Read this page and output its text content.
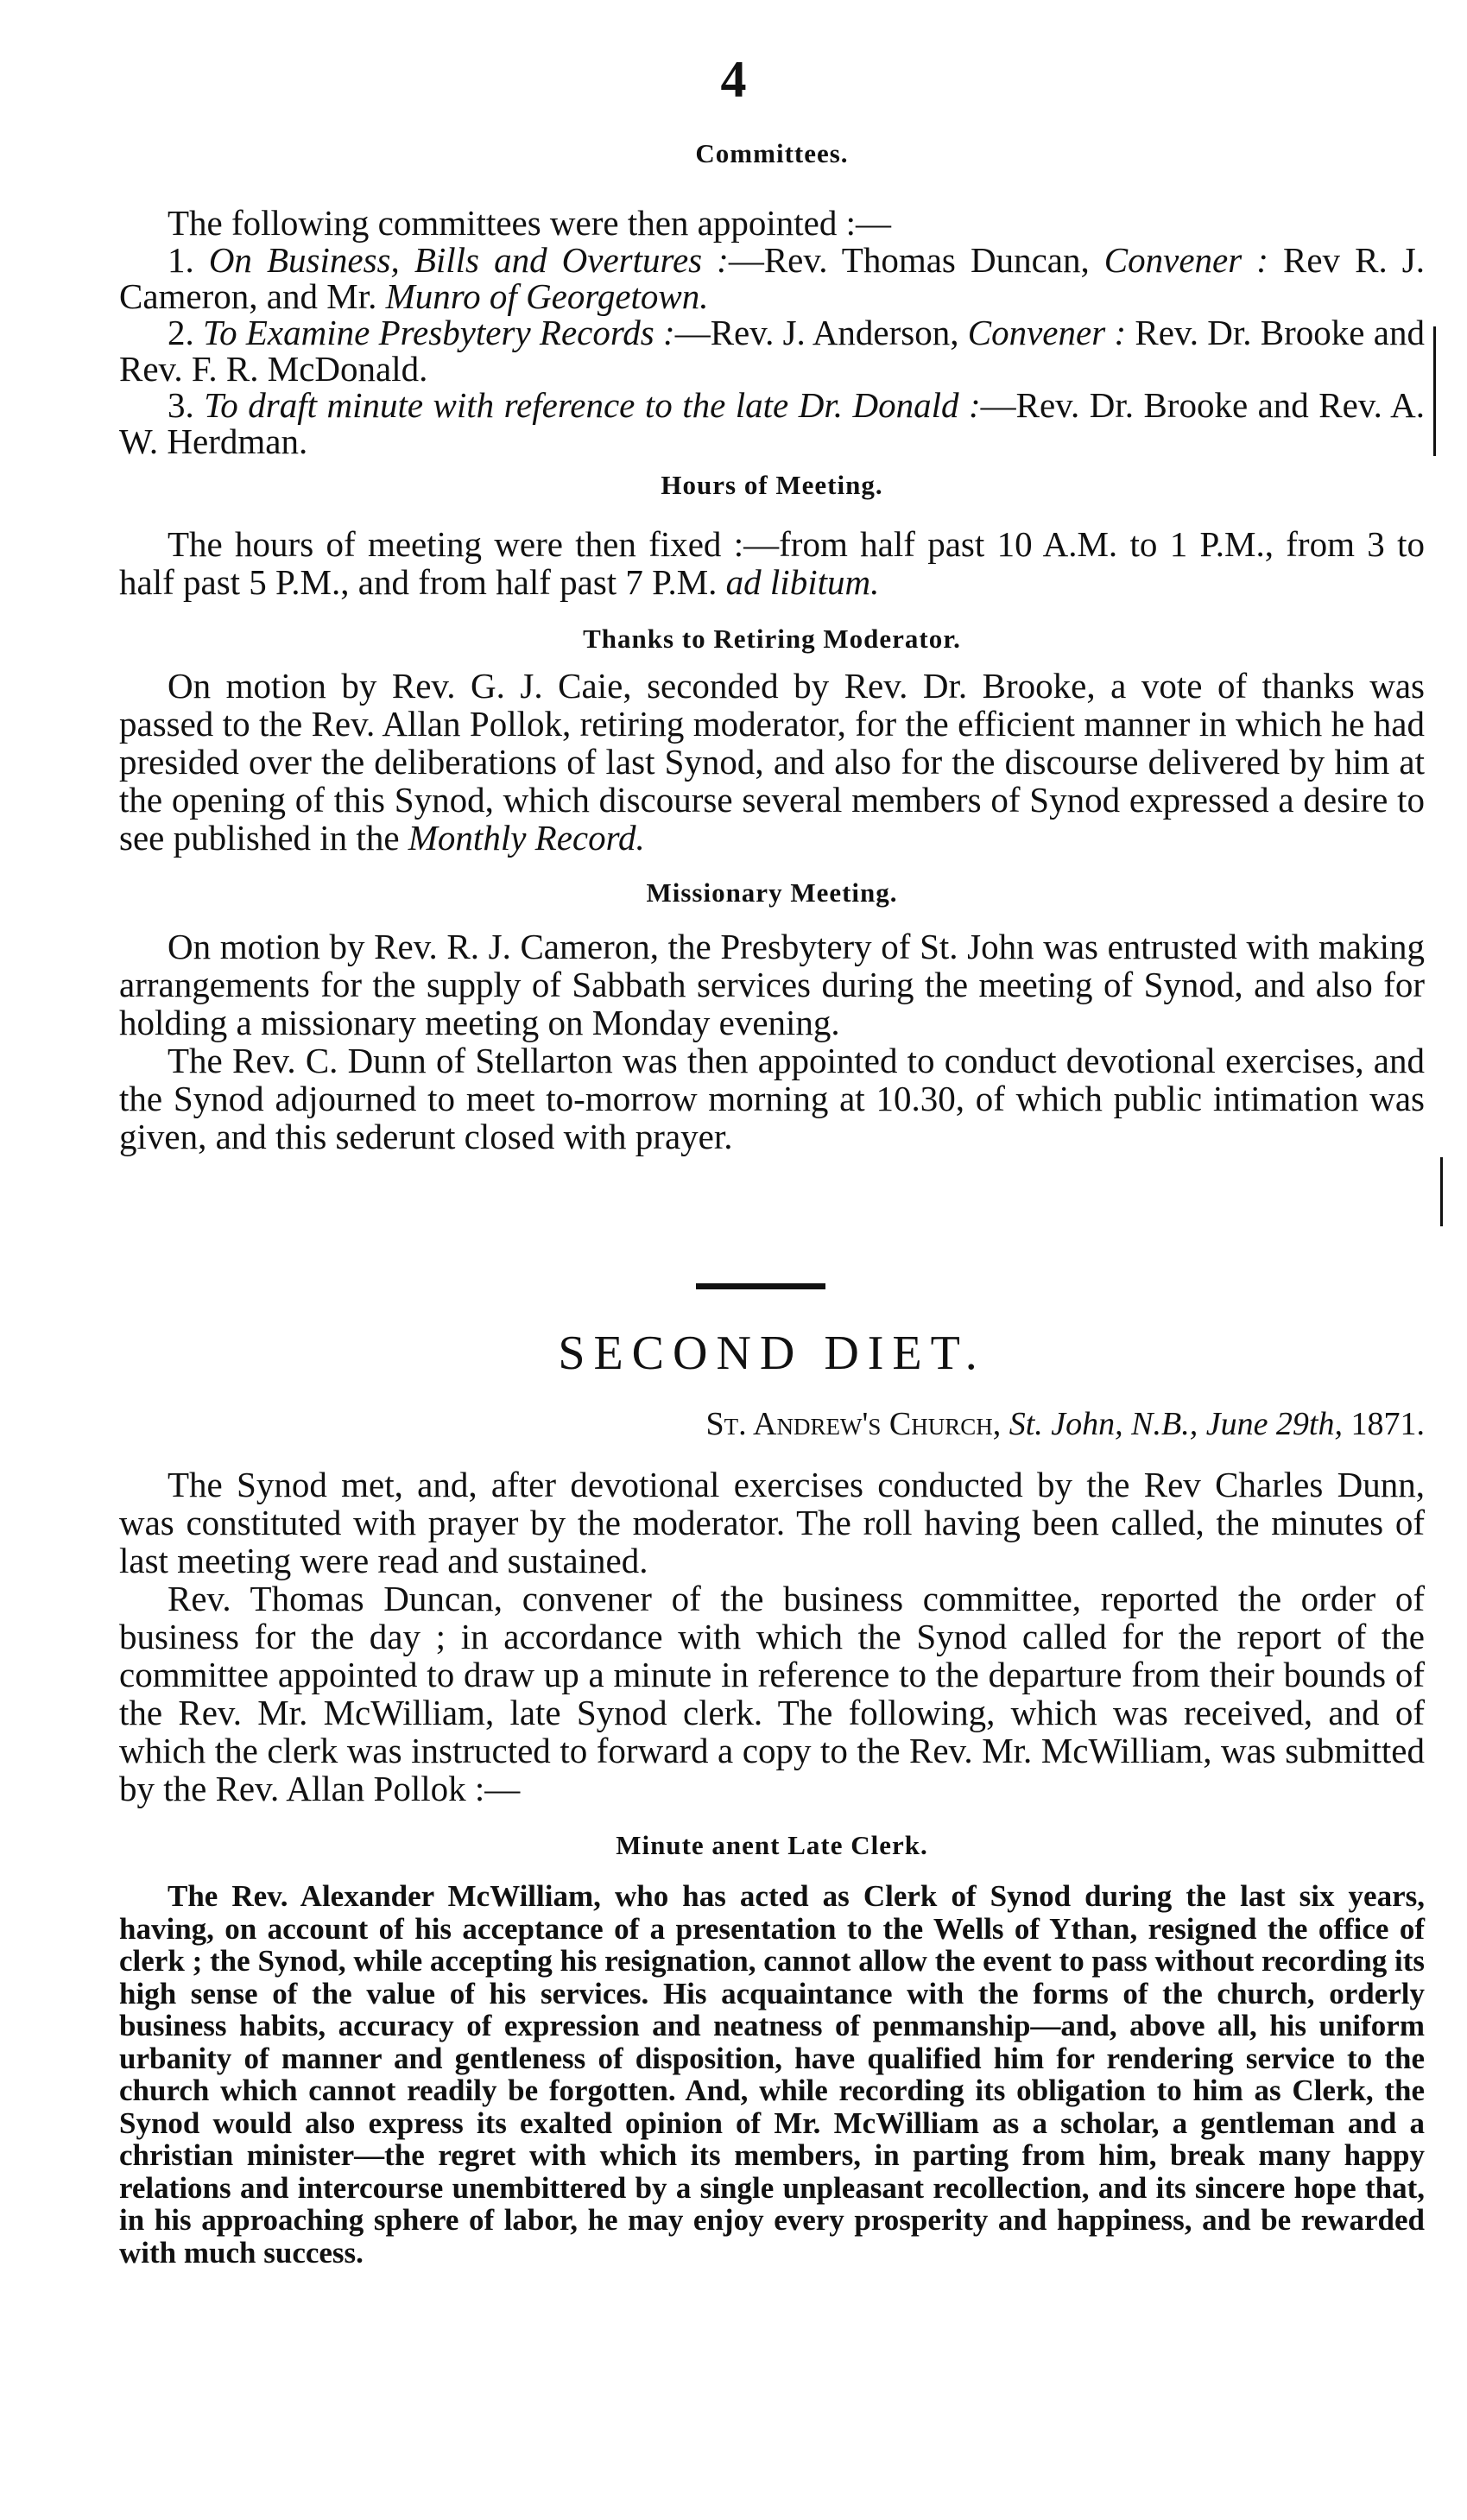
4
Committees.

The following committees were then appointed :—

1. On Business, Bills and Overtures :—Rev. Thomas Duncan, Convener : Rev R. J. Cameron, and Mr. Munro of Georgetown.

2. To Examine Presbytery Records :—Rev. J. Anderson, Convener : Rev. Dr. Brooke and Rev. F. R. McDonald.

3. To draft minute with reference to the late Dr. Donald :—Rev. Dr. Brooke and Rev. A. W. Herdman.

Hours of Meeting.

The hours of meeting were then fixed :—from half past 10 A.M. to 1 P.M., from 3 to half past 5 P.M., and from half past 7 P.M. ad libitum.

Thanks to Retiring Moderator.

On motion by Rev. G. J. Caie, seconded by Rev. Dr. Brooke, a vote of thanks was passed to the Rev. Allan Pollok, retiring moderator, for the efficient manner in which he had presided over the deliberations of last Synod, and also for the discourse delivered by him at the opening of this Synod, which discourse several members of Synod expressed a desire to see published in the Monthly Record.

Missionary Meeting.

On motion by Rev. R. J. Cameron, the Presbytery of St. John was entrusted with making arrangements for the supply of Sabbath services during the meeting of Synod, and also for holding a missionary meeting on Monday evening.

The Rev. C. Dunn of Stellarton was then appointed to conduct devotional exercises, and the Synod adjourned to meet to-morrow morning at 10.30, of which public intimation was given, and this sederunt closed with prayer.

SECOND DIET.
St. Andrew's Church, St. John, N.B., June 29th, 1871.

The Synod met, and, after devotional exercises conducted by the Rev Charles Dunn, was constituted with prayer by the moderator. The roll having been called, the minutes of last meeting were read and sustained.

Rev. Thomas Duncan, convener of the business committee, reported the order of business for the day ; in accordance with which the Synod called for the report of the committee appointed to draw up a minute in reference to the departure from their bounds of the Rev. Mr. McWilliam, late Synod clerk. The following, which was received, and of which the clerk was instructed to forward a copy to the Rev. Mr. McWilliam, was submitted by the Rev. Allan Pollok :—

Minute anent Late Clerk.

The Rev. Alexander McWilliam, who has acted as Clerk of Synod during the last six years, having, on account of his acceptance of a presentation to the Wells of Ythan, resigned the office of clerk ; the Synod, while accepting his resignation, cannot allow the event to pass without recording its high sense of the value of his services. His acquaintance with the forms of the church, orderly business habits, accuracy of expression and neatness of penmanship—and, above all, his uniform urbanity of manner and gentleness of disposition, have qualified him for rendering service to the church which cannot readily be forgotten. And, while recording its obligation to him as Clerk, the Synod would also express its exalted opinion of Mr. McWilliam as a scholar, a gentleman and a christian minister—the regret with which its members, in parting from him, break many happy relations and intercourse unembittered by a single unpleasant recollection, and its sincere hope that, in his approaching sphere of labor, he may enjoy every prosperity and happiness, and be rewarded with much success.
